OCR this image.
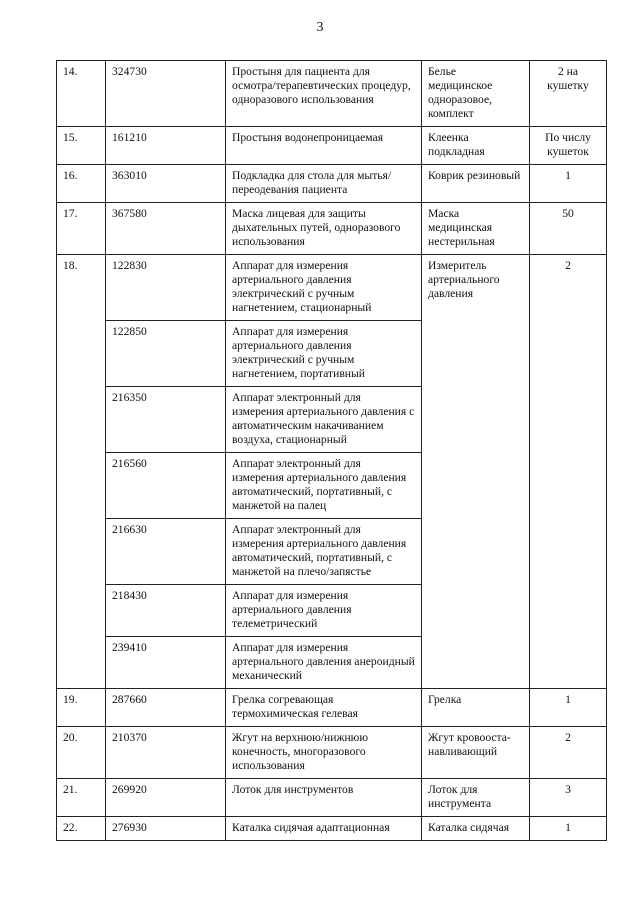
3
14.	324730	Простыня для пациента для осмотра/терапевтических процедур, одноразового использования	Белье медицинское одноразовое, комплект	2 на кушетку
15.	161210	Простыня водонепроницаемая	Клеенка подкладная	По числу кушеток
16.	363010	Подкладка для стола для мытья/переодевания пациента	Коврик резиновый	1
17.	367580	Маска лицевая для защиты дыхательных путей, одноразового использования	Маска медицинская нестерильная	50
18.	122830	Аппарат для измерения артериального давления электрический с ручным нагнетением, стационарный	Измеритель артериального давления	2
	122850	Аппарат для измерения артериального давления электрический с ручным нагнетением, портативный		
	216350	Аппарат электронный для измерения артериального давления с автоматическим накачиванием воздуха, стационарный		
	216560	Аппарат электронный для измерения артериального давления автоматический, портативный, с манжетой на палец		
	216630	Аппарат электронный для измерения артериального давления автоматический, портативный, с манжетой на плечо/запястье		
	218430	Аппарат для измерения артериального давления телеметрический		
	239410	Аппарат для измерения артериального давления анероидный механический		
19.	287660	Грелка согревающая термохимическая гелевая	Грелка	1
20.	210370	Жгут на верхнюю/нижнюю конечность, многоразового использования	Жгут кровооста-навливающий	2
21.	269920	Лоток для инструментов	Лоток для инструмента	3
22.	276930	Каталка сидячая адаптационная	Каталка сидячая	1
